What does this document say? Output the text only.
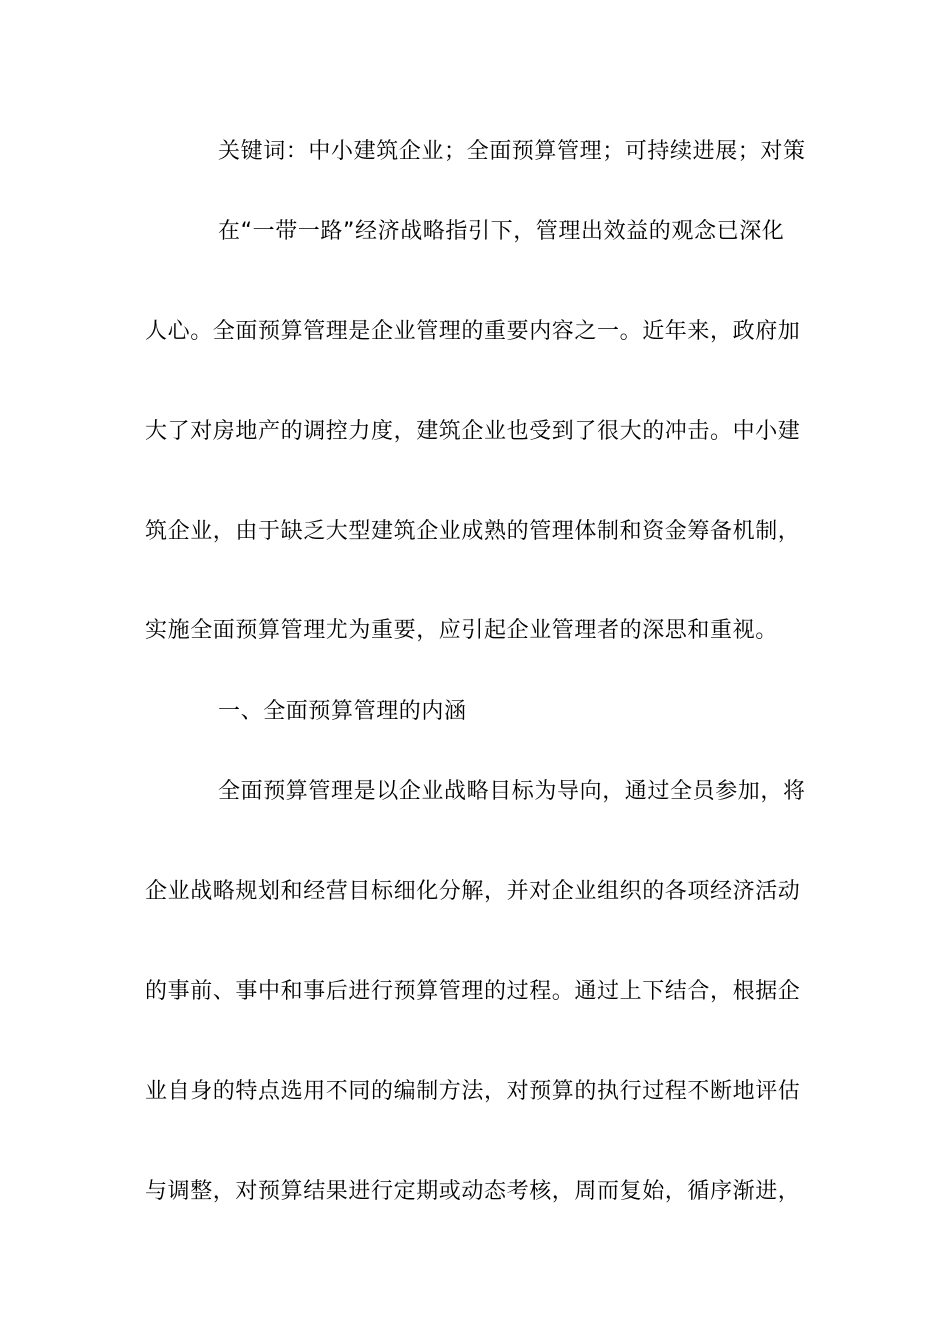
关键词：中小建筑企业；全面预算管理；可持续进展；对策
在“一带一路”经济战略指引下，管理出效益的观念已深化
人心。全面预算管理是企业管理的重要内容之一。近年来，政府加
大了对房地产的调控力度，建筑企业也受到了很大的冲击。中小建
筑企业，由于缺乏大型建筑企业成熟的管理体制和资金筹备机制，
实施全面预算管理尤为重要，应引起企业管理者的深思和重视。
一、全面预算管理的内涵
全面预算管理是以企业战略目标为导向，通过全员参加，将
企业战略规划和经营目标细化分解，并对企业组织的各项经济活动
的事前、事中和事后进行预算管理的过程。通过上下结合，根据企
业自身的特点选用不同的编制方法，对预算的执行过程不断地评估
与调整，对预算结果进行定期或动态考核，周而复始，循序渐进，
